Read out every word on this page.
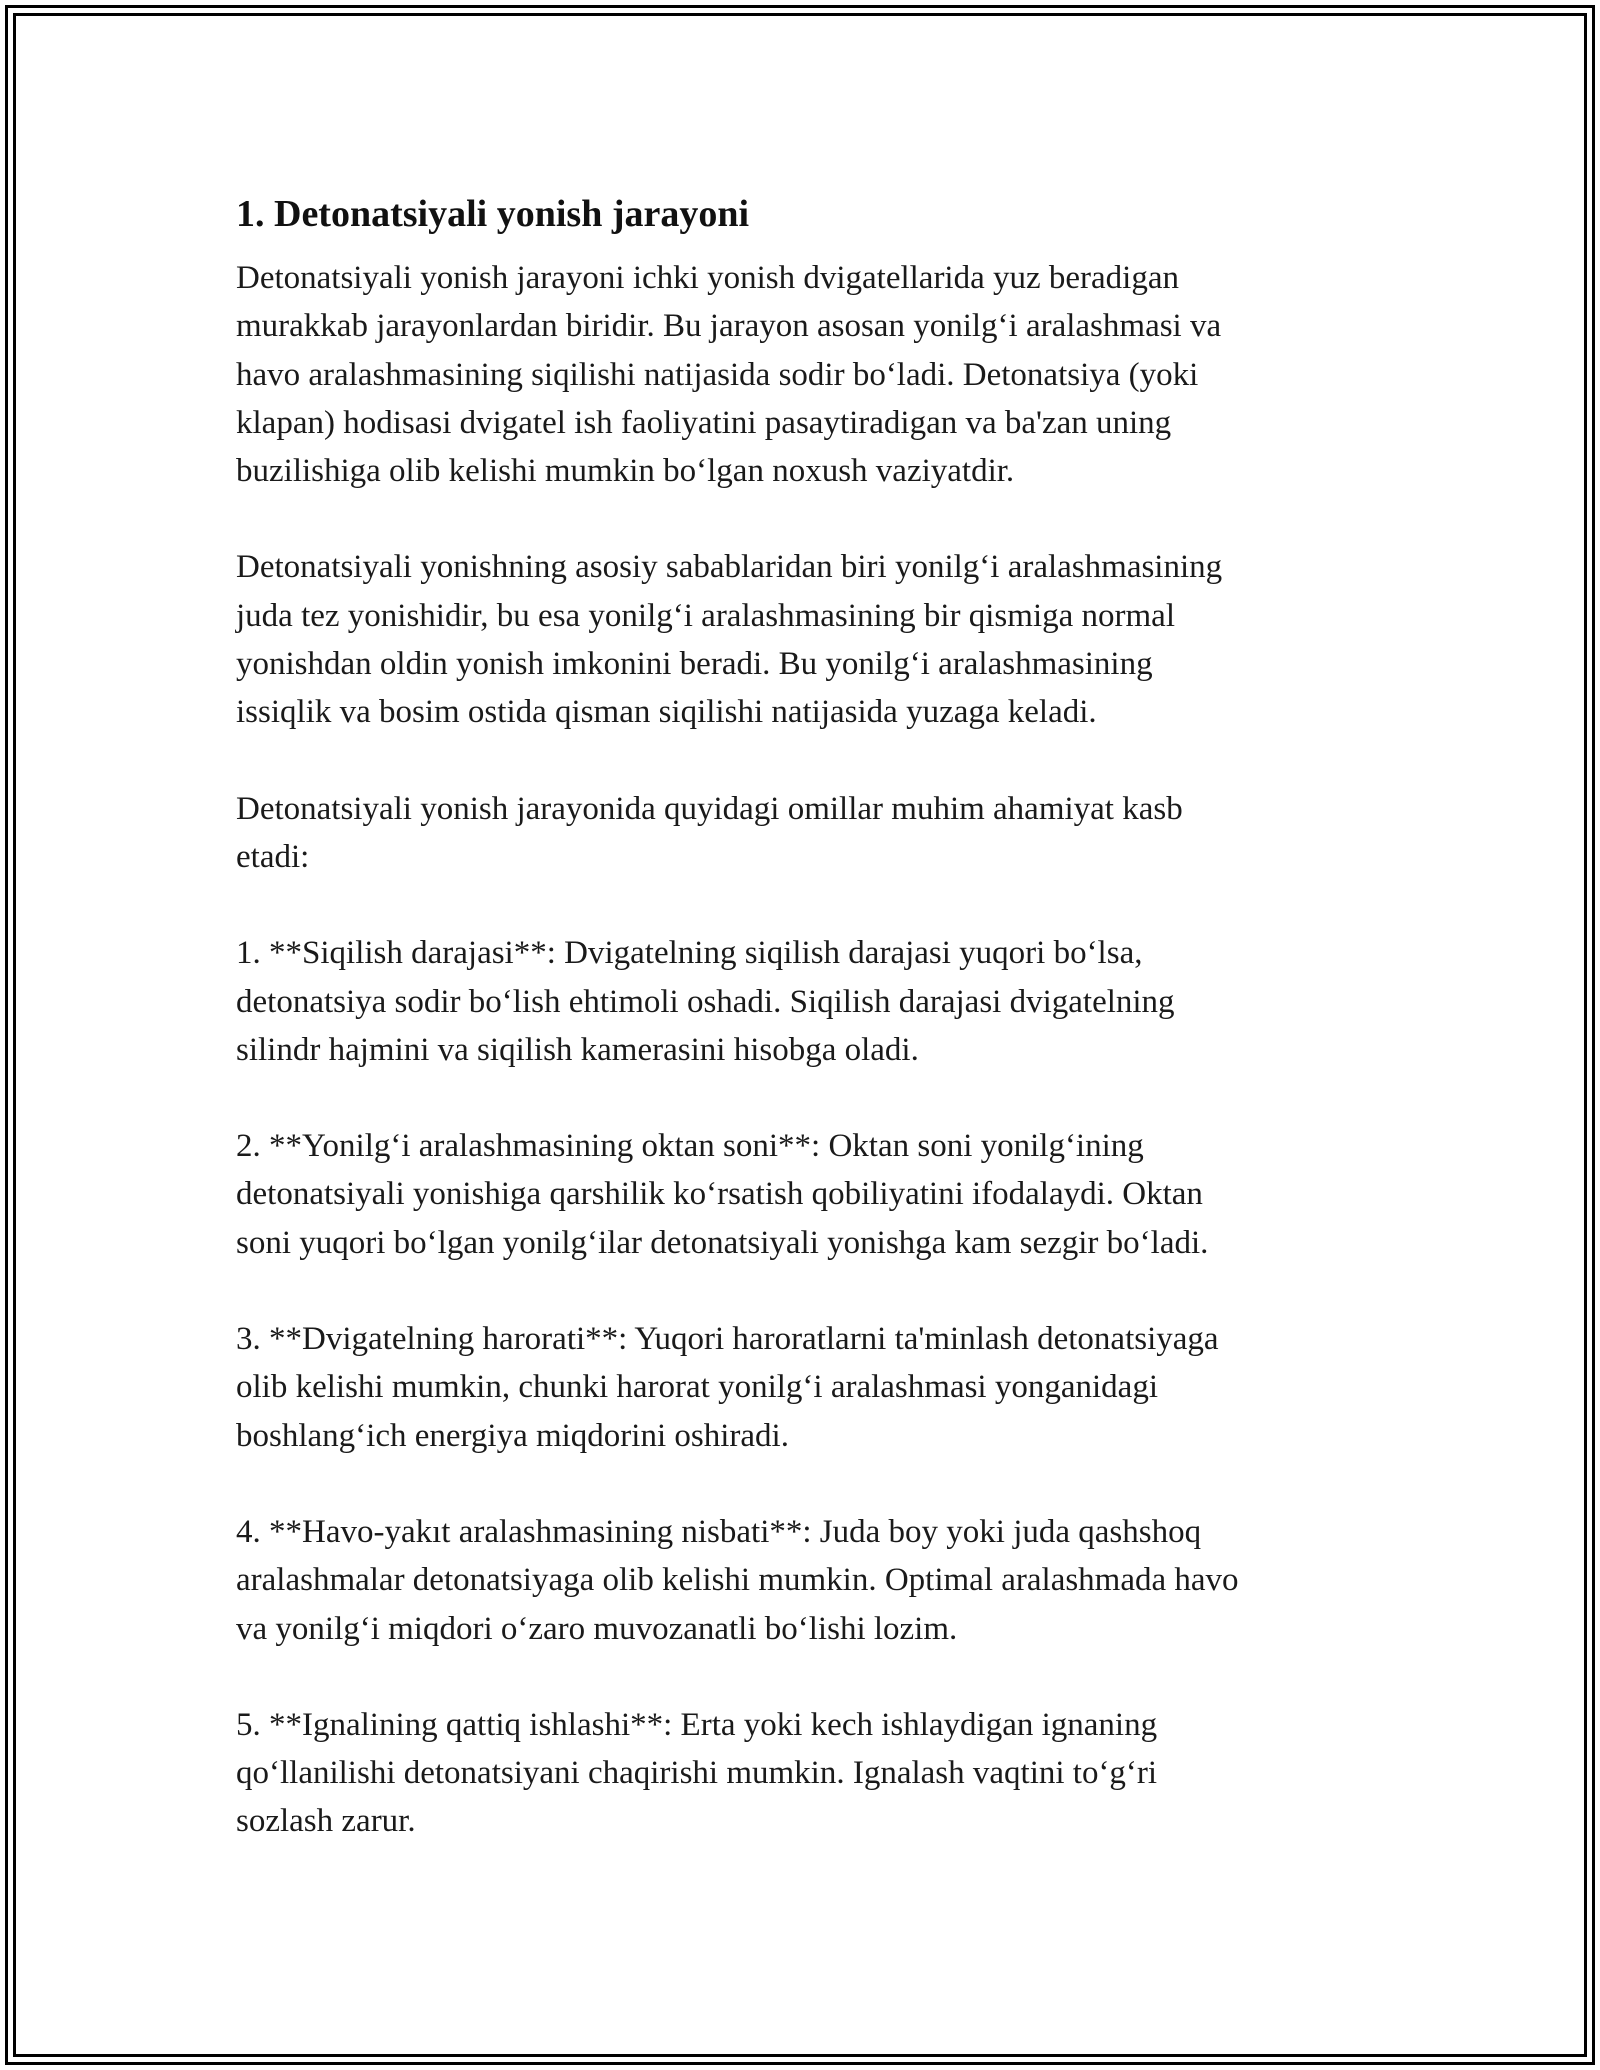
1. Detonatsiyali yonish jarayoni

Detonatsiyali yonish jarayoni ichki yonish dvigatellarida yuz beradigan
murakkab jarayonlardan biridir. Bu jarayon asosan yonilg‘i aralashmasi va
havo aralashmasining siqilishi natijasida sodir bo‘ladi. Detonatsiya (yoki
klapan) hodisasi dvigatel ish faoliyatini pasaytiradigan va ba'zan uning
buzilishiga olib kelishi mumkin bo‘lgan noxush vaziyatdir.

Detonatsiyali yonishning asosiy sabablaridan biri yonilg‘i aralashmasining
juda tez yonishidir, bu esa yonilg‘i aralashmasining bir qismiga normal
yonishdan oldin yonish imkonini beradi. Bu yonilg‘i aralashmasining
issiqlik va bosim ostida qisman siqilishi natijasida yuzaga keladi.

Detonatsiyali yonish jarayonida quyidagi omillar muhim ahamiyat kasb
etadi:

1. **Siqilish darajasi**: Dvigatelning siqilish darajasi yuqori bo‘lsa,
detonatsiya sodir bo‘lish ehtimoli oshadi. Siqilish darajasi dvigatelning
silindr hajmini va siqilish kamerasini hisobga oladi.

2. **Yonilg‘i aralashmasining oktan soni**: Oktan soni yonilg‘ining
detonatsiyali yonishiga qarshilik ko‘rsatish qobiliyatini ifodalaydi. Oktan
soni yuqori bo‘lgan yonilg‘ilar detonatsiyali yonishga kam sezgir bo‘ladi.

3. **Dvigatelning harorati**: Yuqori haroratlarni ta'minlash detonatsiyaga
olib kelishi mumkin, chunki harorat yonilg‘i aralashmasi yonganidagi
boshlang‘ich energiya miqdorini oshiradi.

4. **Havo-yakıt aralashmasining nisbati**: Juda boy yoki juda qashshoq
aralashmalar detonatsiyaga olib kelishi mumkin. Optimal aralashmada havo
va yonilg‘i miqdori o‘zaro muvozanatli bo‘lishi lozim.

5. **Ignalining qattiq ishlashi**: Erta yoki kech ishlaydigan ignaning
qo‘llanilishi detonatsiyani chaqirishi mumkin. Ignalash vaqtini to‘g‘ri
sozlash zarur.
